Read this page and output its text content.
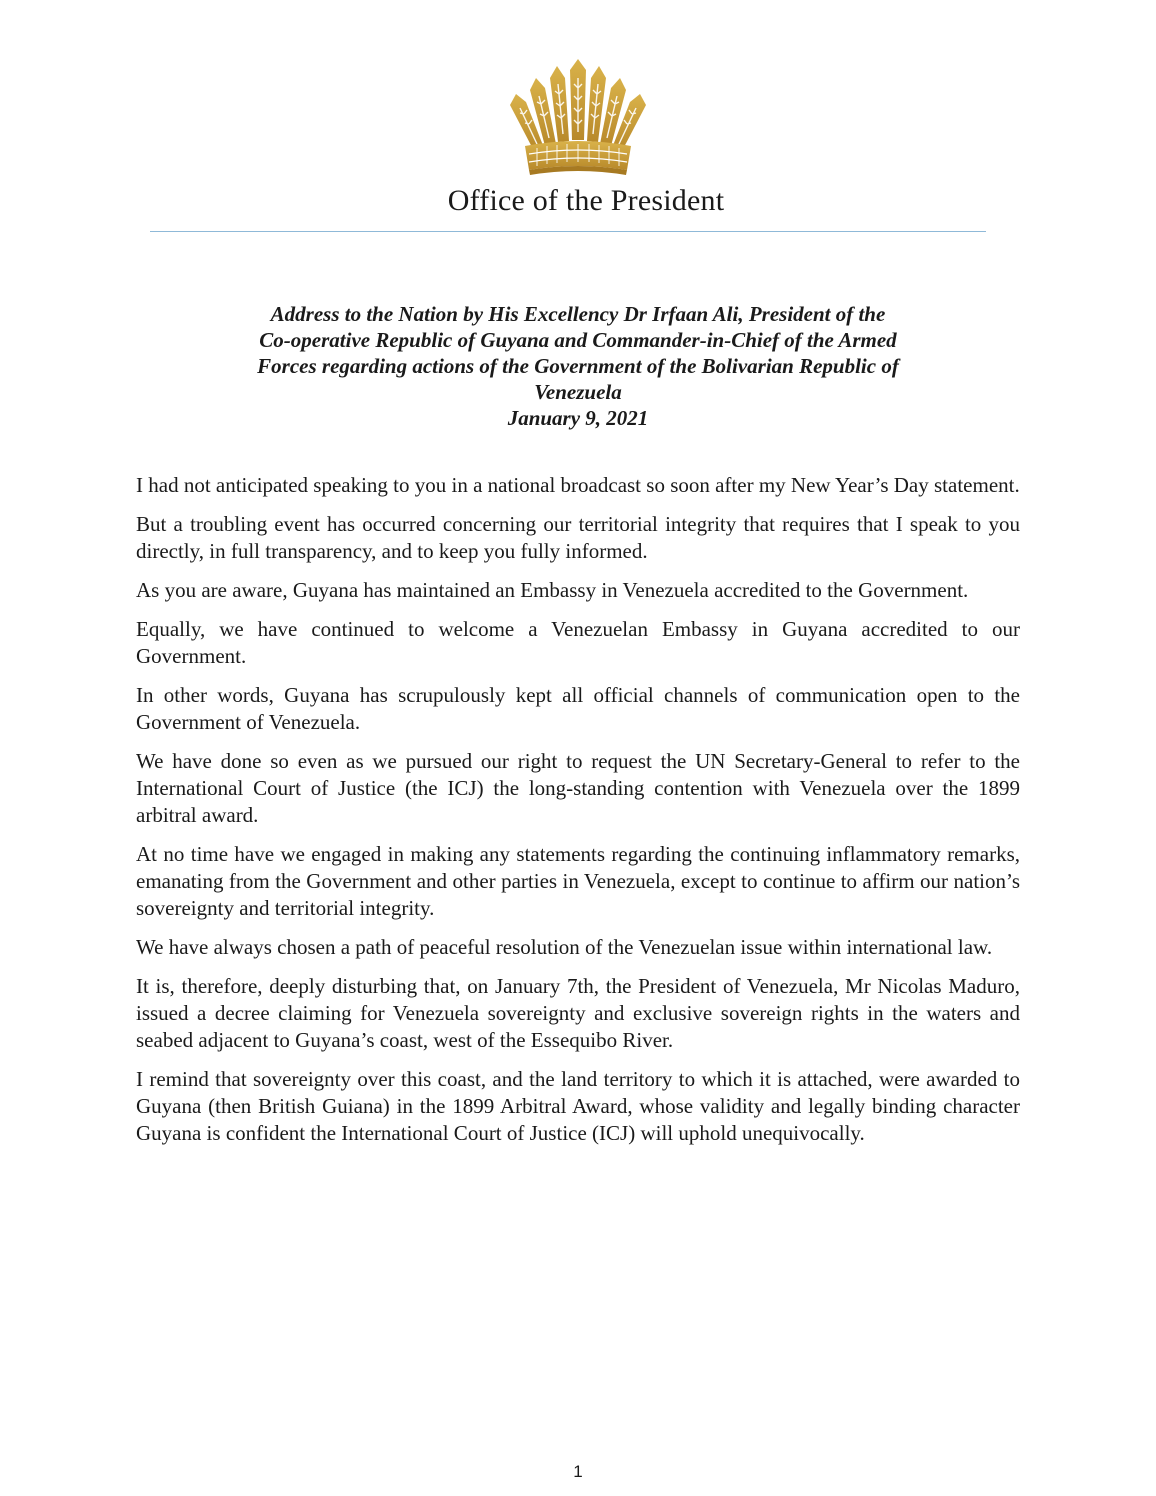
Office of the President
Address to the Nation by His Excellency Dr Irfaan Ali, President of the
Co-operative Republic of Guyana and Commander-in-Chief of the Armed
Forces regarding actions of the Government of the Bolivarian Republic of
Venezuela
January 9, 2021

I had not anticipated speaking to you in a national broadcast so soon after my New Year’s Day statement.

But a troubling event has occurred concerning our territorial integrity that requires that I speak to you directly, in full transparency, and to keep you fully informed.

As you are aware, Guyana has maintained an Embassy in Venezuela accredited to the Government.

Equally, we have continued to welcome a Venezuelan Embassy in Guyana accredited to our Government.

In other words, Guyana has scrupulously kept all official channels of communication open to the Government of Venezuela.

We have done so even as we pursued our right to request the UN Secretary-General to refer to the International Court of Justice (the ICJ) the long-standing contention with Venezuela over the 1899 arbitral award.

At no time have we engaged in making any statements regarding the continuing inflammatory remarks, emanating from the Government and other parties in Venezuela, except to continue to affirm our nation’s sovereignty and territorial integrity.

We have always chosen a path of peaceful resolution of the Venezuelan issue within international law.

It is, therefore, deeply disturbing that, on January 7th, the President of Venezuela, Mr Nicolas Maduro, issued a decree claiming for Venezuela sovereignty and exclusive sovereign rights in the waters and seabed adjacent to Guyana’s coast, west of the Essequibo River.

I remind that sovereignty over this coast, and the land territory to which it is attached, were awarded to Guyana (then British Guiana) in the 1899 Arbitral Award, whose validity and legally binding character Guyana is confident the International Court of Justice (ICJ) will uphold unequivocally.

1
